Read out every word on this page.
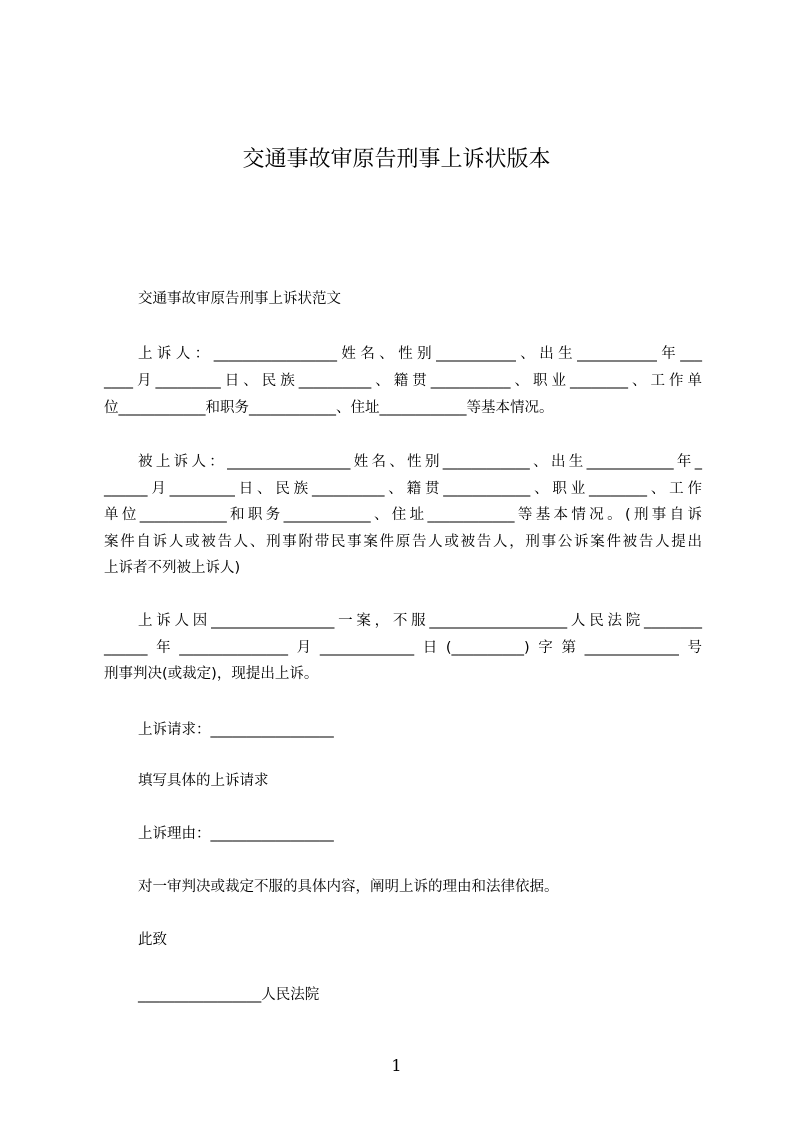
交通事故审原告刑事上诉状版本
交通事故审原告刑事上诉状范文
上诉人：_________________姓名、性别___________、出生___________年___
____月_________日、民族__________、籍贯___________、职业________、工作单
位____________和职务____________、住址____________等基本情况。
被上诉人：_________________姓名、性别____________、出生____________年_
______月_________日、民族__________、籍贯____________、职业________、工作
单位____________和职务____________、住址____________等基本情况。(刑事自诉
案件自诉人或被告人、刑事附带民事案件原告人或被告人，刑事公诉案件被告人提出
上诉者不列被上诉人)
上诉人因_________________一案，不服___________________人民法院________
______年_______________月_____________日(__________)字第_____________号
刑事判决(或裁定)，现提出上诉。
上诉请求：_________________
填写具体的上诉请求
上诉理由：_________________
对一审判决或裁定不服的具体内容，阐明上诉的理由和法律依据。
此致
_________________人民法院
1
